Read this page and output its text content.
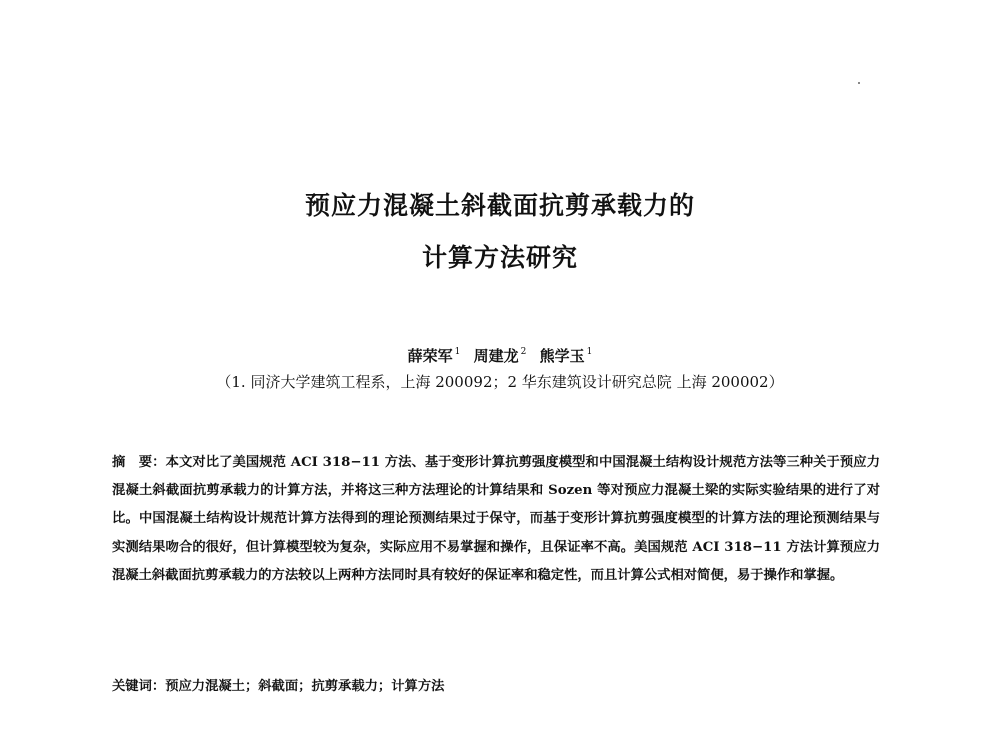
预应力混凝土斜截面抗剪承载力的
计算方法研究
薛荣军 $^1$ 周建龙 $^2$ 熊学玉 $^1$
（1. 同济大学建筑工程系，上海 200092；2 华东建筑设计研究总院 上海 200002）
摘　要：本文对比了美国规范 ACI 318−11 方法、基于变形计算抗剪强度模型和中国混凝土结构设计规范方法等三种关于预应力混凝土斜截面抗剪承载力的计算方法，并将这三种方法理论的计算结果和 Sozen 等对预应力混凝土梁的实际实验结果的进行了对比。中国混凝土结构设计规范计算方法得到的理论预测结果过于保守，而基于变形计算抗剪强度模型的计算方法的理论预测结果与实测结果吻合的很好，但计算模型较为复杂，实际应用不易掌握和操作，且保证率不高。美国规范 ACI 318−11 方法计算预应力混凝土斜截面抗剪承载力的方法较以上两种方法同时具有较好的保证率和稳定性，而且计算公式相对简便，易于操作和掌握。
关键词：预应力混凝土；斜截面；抗剪承载力；计算方法
